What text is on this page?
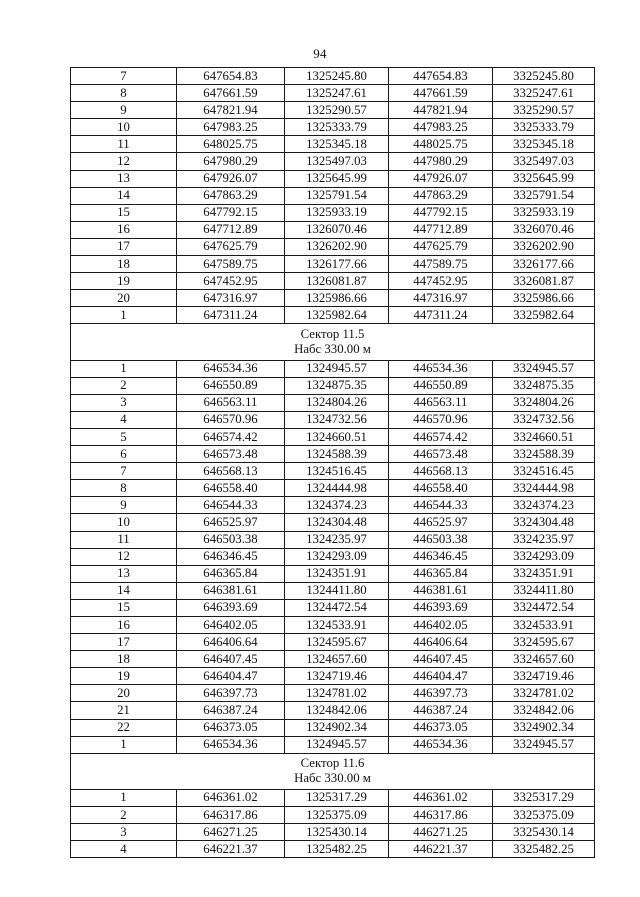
94
7	647654.83	1325245.80	447654.83	3325245.80
8	647661.59	1325247.61	447661.59	3325247.61
9	647821.94	1325290.57	447821.94	3325290.57
10	647983.25	1325333.79	447983.25	3325333.79
11	648025.75	1325345.18	448025.75	3325345.18
12	647980.29	1325497.03	447980.29	3325497.03
13	647926.07	1325645.99	447926.07	3325645.99
14	647863.29	1325791.54	447863.29	3325791.54
15	647792.15	1325933.19	447792.15	3325933.19
16	647712.89	1326070.46	447712.89	3326070.46
17	647625.79	1326202.90	447625.79	3326202.90
18	647589.75	1326177.66	447589.75	3326177.66
19	647452.95	1326081.87	447452.95	3326081.87
20	647316.97	1325986.66	447316.97	3325986.66
1	647311.24	1325982.64	447311.24	3325982.64

Сектор 11.5
Набс 330.00 м				

1	646534.36	1324945.57	446534.36	3324945.57
2	646550.89	1324875.35	446550.89	3324875.35
3	646563.11	1324804.26	446563.11	3324804.26
4	646570.96	1324732.56	446570.96	3324732.56
5	646574.42	1324660.51	446574.42	3324660.51
6	646573.48	1324588.39	446573.48	3324588.39
7	646568.13	1324516.45	446568.13	3324516.45
8	646558.40	1324444.98	446558.40	3324444.98
9	646544.33	1324374.23	446544.33	3324374.23
10	646525.97	1324304.48	446525.97	3324304.48
11	646503.38	1324235.97	446503.38	3324235.97
12	646346.45	1324293.09	446346.45	3324293.09
13	646365.84	1324351.91	446365.84	3324351.91
14	646381.61	1324411.80	446381.61	3324411.80
15	646393.69	1324472.54	446393.69	3324472.54
16	646402.05	1324533.91	446402.05	3324533.91
17	646406.64	1324595.67	446406.64	3324595.67
18	646407.45	1324657.60	446407.45	3324657.60
19	646404.47	1324719.46	446404.47	3324719.46
20	646397.73	1324781.02	446397.73	3324781.02
21	646387.24	1324842.06	446387.24	3324842.06
22	646373.05	1324902.34	446373.05	3324902.34
1	646534.36	1324945.57	446534.36	3324945.57

Сектор 11.6
Набс 330.00 м				

1	646361.02	1325317.29	446361.02	3325317.29
2	646317.86	1325375.09	446317.86	3325375.09
3	646271.25	1325430.14	446271.25	3325430.14
4	646221.37	1325482.25	446221.37	3325482.25
